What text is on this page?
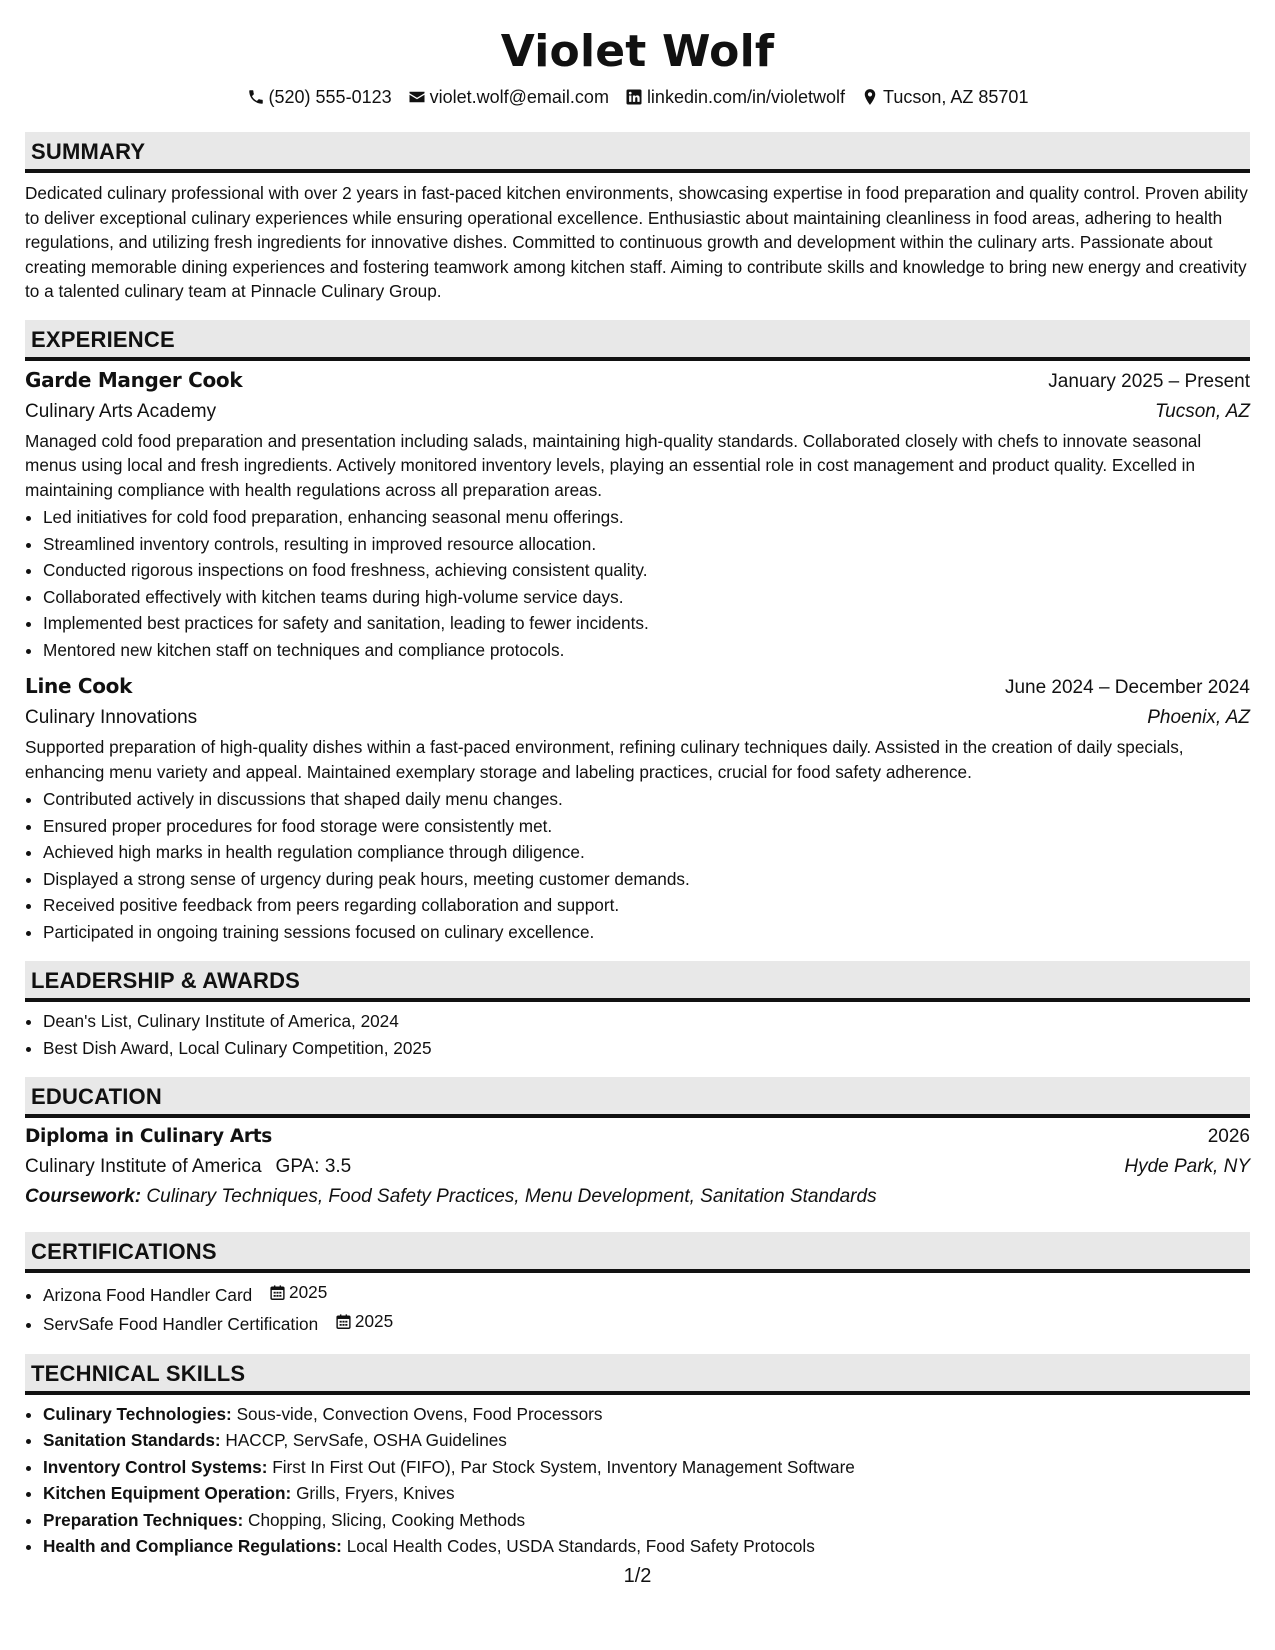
Violet Wolf
(520) 555-0123 violet.wolf@email.com linkedin.com/in/violetwolf Tucson, AZ 85701
SUMMARY

Dedicated culinary professional with over 2 years in fast-paced kitchen environments, showcasing expertise in food preparation and quality control. Proven ability to deliver exceptional culinary experiences while ensuring operational excellence. Enthusiastic about maintaining cleanliness in food areas, adhering to health regulations, and utilizing fresh ingredients for innovative dishes. Committed to continuous growth and development within the culinary arts. Passionate about creating memorable dining experiences and fostering teamwork among kitchen staff. Aiming to contribute skills and knowledge to bring new energy and creativity to a talented culinary team at Pinnacle Culinary Group.

EXPERIENCE
Garde Manger Cook	January 2025 – Present
Culinary Arts Academy	Tucson, AZ

Managed cold food preparation and presentation including salads, maintaining high-quality standards. Collaborated closely with chefs to innovate seasonal menus using local and fresh ingredients. Actively monitored inventory levels, playing an essential role in cost management and product quality. Excelled in maintaining compliance with health regulations across all preparation areas.

• Led initiatives for cold food preparation, enhancing seasonal menu offerings.
• Streamlined inventory controls, resulting in improved resource allocation.
• Conducted rigorous inspections on food freshness, achieving consistent quality.
• Collaborated effectively with kitchen teams during high-volume service days.
• Implemented best practices for safety and sanitation, leading to fewer incidents.
• Mentored new kitchen staff on techniques and compliance protocols.
Line Cook	June 2024 – December 2024
Culinary Innovations	Phoenix, AZ

Supported preparation of high-quality dishes within a fast-paced environment, refining culinary techniques daily. Assisted in the creation of daily specials, enhancing menu variety and appeal. Maintained exemplary storage and labeling practices, crucial for food safety adherence.

• Contributed actively in discussions that shaped daily menu changes.
• Ensured proper procedures for food storage were consistently met.
• Achieved high marks in health regulation compliance through diligence.
• Displayed a strong sense of urgency during peak hours, meeting customer demands.
• Received positive feedback from peers regarding collaboration and support.
• Participated in ongoing training sessions focused on culinary excellence.
LEADERSHIP & AWARDS
• Dean's List, Culinary Institute of America, 2024
• Best Dish Award, Local Culinary Competition, 2025
EDUCATION
Diploma in Culinary Arts	2026
Culinary Institute of America GPA: 3.5	Hyde Park, NY
Coursework: Culinary Techniques, Food Safety Practices, Menu Development, Sanitation Standards
CERTIFICATIONS
• Arizona Food Handler Card 2025
• ServSafe Food Handler Certification 2025
TECHNICAL SKILLS
• Culinary Technologies: Sous-vide, Convection Ovens, Food Processors
• Sanitation Standards: HACCP, ServSafe, OSHA Guidelines
• Inventory Control Systems: First In First Out (FIFO), Par Stock System, Inventory Management Software
• Kitchen Equipment Operation: Grills, Fryers, Knives
• Preparation Techniques: Chopping, Slicing, Cooking Methods
• Health and Compliance Regulations: Local Health Codes, USDA Standards, Food Safety Protocols
1/2
